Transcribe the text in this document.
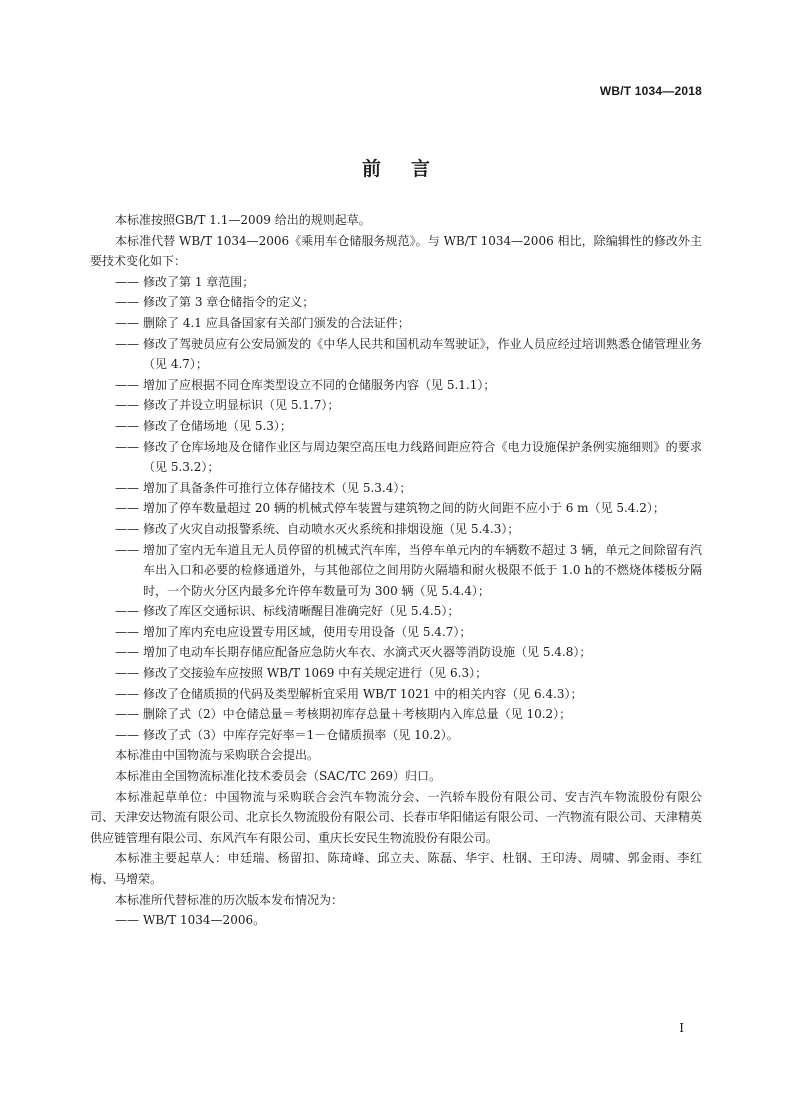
WB/T 1034—2018
前言

本标准按照GB/T 1.1—2009 给出的规则起草。

本标准代替 WB/T 1034—2006《乘用车仓储服务规范》。与 WB/T 1034—2006 相比，除编辑性的修改外主要技术变化如下：

—— 修改了第 1 章范围；

—— 修改了第 3 章仓储指令的定义；

—— 删除了 4.1 应具备国家有关部门颁发的合法证件；

—— 修改了驾驶员应有公安局颁发的《中华人民共和国机动车驾驶证》，作业人员应经过培训熟悉仓储管理业务（见 4.7）；

—— 增加了应根据不同仓库类型设立不同的仓储服务内容（见 5.1.1）；

—— 修改了并设立明显标识（见 5.1.7）；

—— 修改了仓储场地（见 5.3）；

—— 修改了仓库场地及仓储作业区与周边架空高压电力线路间距应符合《电力设施保护条例实施细则》的要求（见 5.3.2）；

—— 增加了具备条件可推行立体存储技术（见 5.3.4）；

—— 增加了停车数量超过 20 辆的机械式停车装置与建筑物之间的防火间距不应小于 6 m（见 5.4.2）；

—— 修改了火灾自动报警系统、自动喷水灭火系统和排烟设施（见 5.4.3）；

—— 增加了室内无车道且无人员停留的机械式汽车库，当停车单元内的车辆数不超过 3 辆，单元之间除留有汽车出入口和必要的检修通道外，与其他部位之间用防火隔墙和耐火极限不低于 1.0 h的不燃烧体楼板分隔时，一个防火分区内最多允许停车数量可为 300 辆（见 5.4.4）；

—— 修改了库区交通标识、标线清晰醒目准确完好（见 5.4.5）；

—— 增加了库内充电应设置专用区域，使用专用设备（见 5.4.7）；

—— 增加了电动车长期存储应配备应急防火车衣、水滴式灭火器等消防设施（见 5.4.8）；

—— 修改了交接验车应按照 WB/T 1069 中有关规定进行（见 6.3）；

—— 修改了仓储质损的代码及类型解析宜采用 WB/T 1021 中的相关内容（见 6.4.3）；

—— 删除了式（2）中仓储总量＝考核期初库存总量＋考核期内入库总量（见 10.2）；

—— 修改了式（3）中库存完好率＝1－仓储质损率（见 10.2）。

本标准由中国物流与采购联合会提出。

本标准由全国物流标准化技术委员会（SAC/TC 269）归口。

本标准起草单位：中国物流与采购联合会汽车物流分会、一汽轿车股份有限公司、安吉汽车物流股份有限公司、天津安达物流有限公司、北京长久物流股份有限公司、长春市华阳储运有限公司、一汽物流有限公司、天津精英供应链管理有限公司、东风汽车有限公司、重庆长安民生物流股份有限公司。

本标准主要起草人：申廷瑞、杨留扣、陈琦峰、邱立夫、陈磊、华宇、杜钢、王印涛、周啸、郭金雨、李红梅、马增荣。

本标准所代替标准的历次版本发布情况为：

—— WB/T 1034—2006。

I
